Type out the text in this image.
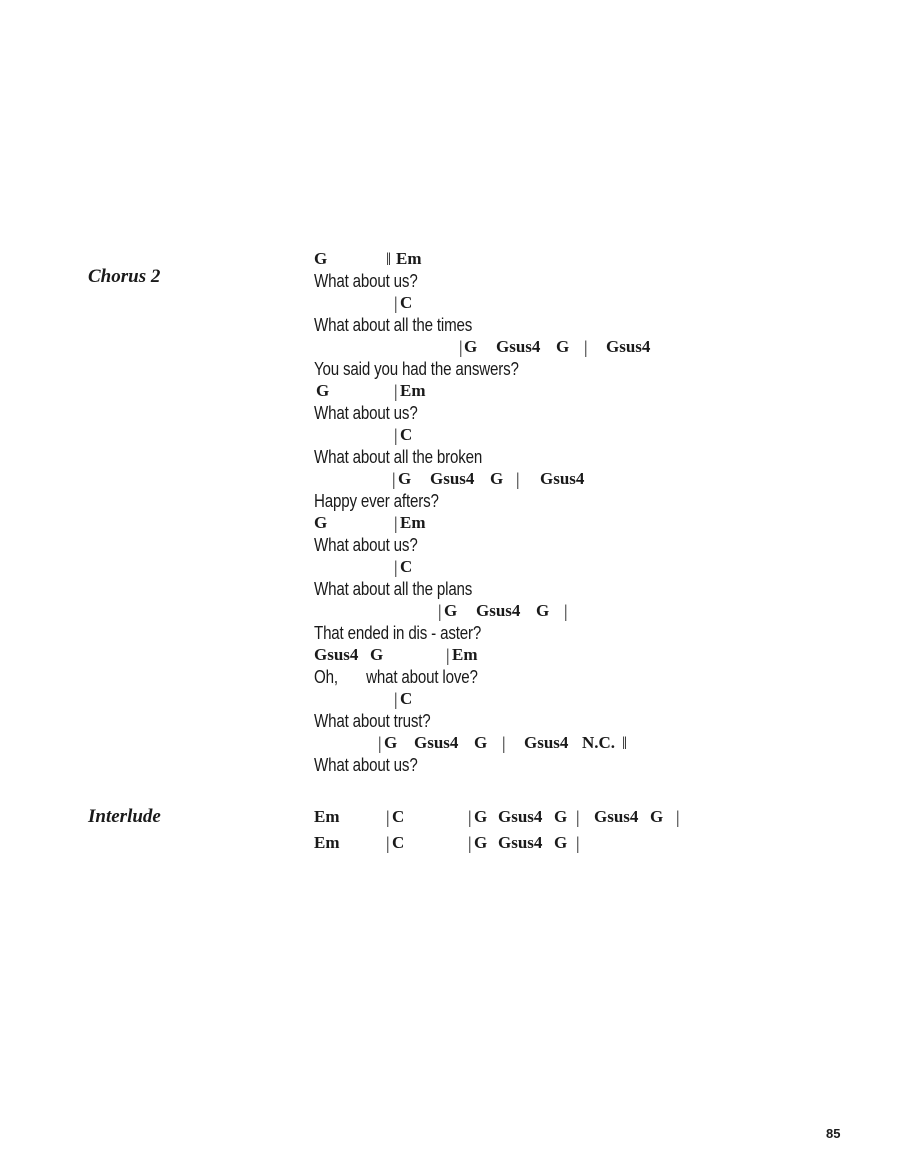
Chorus 2
Interlude
G	‖ Em
What about us?
| C
What about all the times
| G Gsus4 G | Gsus4
You said you had the answers?
G	| Em
What about us?
| C
What about all the broken
| G Gsus4 G | Gsus4
Happy ever afters?
G	| Em
What about us?
| C
What about all the plans
| G Gsus4 G |
That ended in dis - aster?
Gsus4 G	| Em
Oh,       what about love?
| C
What about trust?
| G Gsus4 G | Gsus4 N.C. ‖
What about us?
Em	| C	| G Gsus4 G | Gsus4 G |
Em	| C	| G Gsus4 G |
85
